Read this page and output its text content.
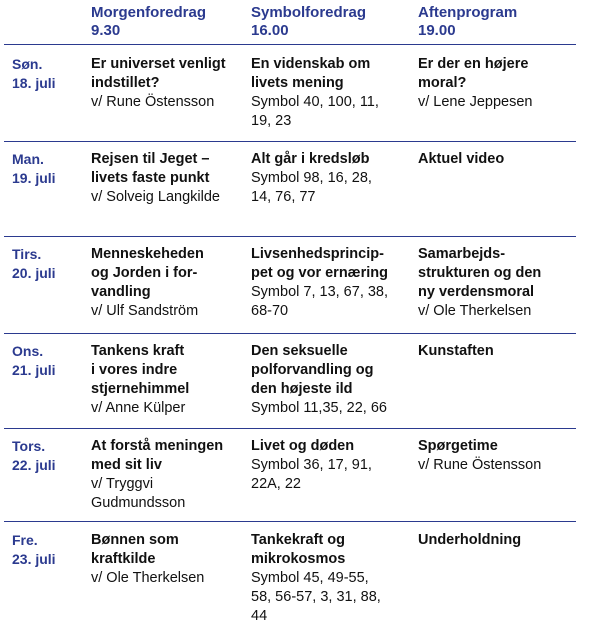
Morgenforedrag
9.30
Symbolforedrag
16.00
Aftenprogram
19.00
Søn.
18. juli
Er universet venligt
indstillet?
v/ Rune Östensson
En videnskab om
livets mening
Symbol 40, 100, 11,
19, 23
Er der en højere
moral?
v/ Lene Jeppesen
Man.
19. juli
Rejsen til Jeget –
livets faste punkt
v/ Solveig Langkilde
Alt går i kredsløb
Symbol 98, 16, 28,
14, 76, 77
Aktuel video
Tirs.
20. juli
Menneskeheden
og Jorden i for-
vandling
v/ Ulf Sandström
Livsenhedsprincip-
pet og vor ernæring
Symbol 7, 13, 67, 38,
68-70
Samarbejds-
strukturen og den
ny verdensmoral
v/ Ole Therkelsen
Ons.
21. juli
Tankens kraft
i vores indre
stjernehimmel
v/ Anne Külper
Den seksuelle
polforvandling og
den højeste ild
Symbol 11,35, 22, 66
Kunstaften
Tors.
22. juli
At forstå meningen
med sit liv
v/ Tryggvi
Gudmundsson
Livet og døden
Symbol 36, 17, 91,
22A, 22
Spørgetime
v/ Rune Östensson
Fre.
23. juli
Bønnen som
kraftkilde
v/ Ole Therkelsen
Tankekraft og
mikrokosmos
Symbol 45, 49-55,
58, 56-57, 3, 31, 88,
44
Underholdning
